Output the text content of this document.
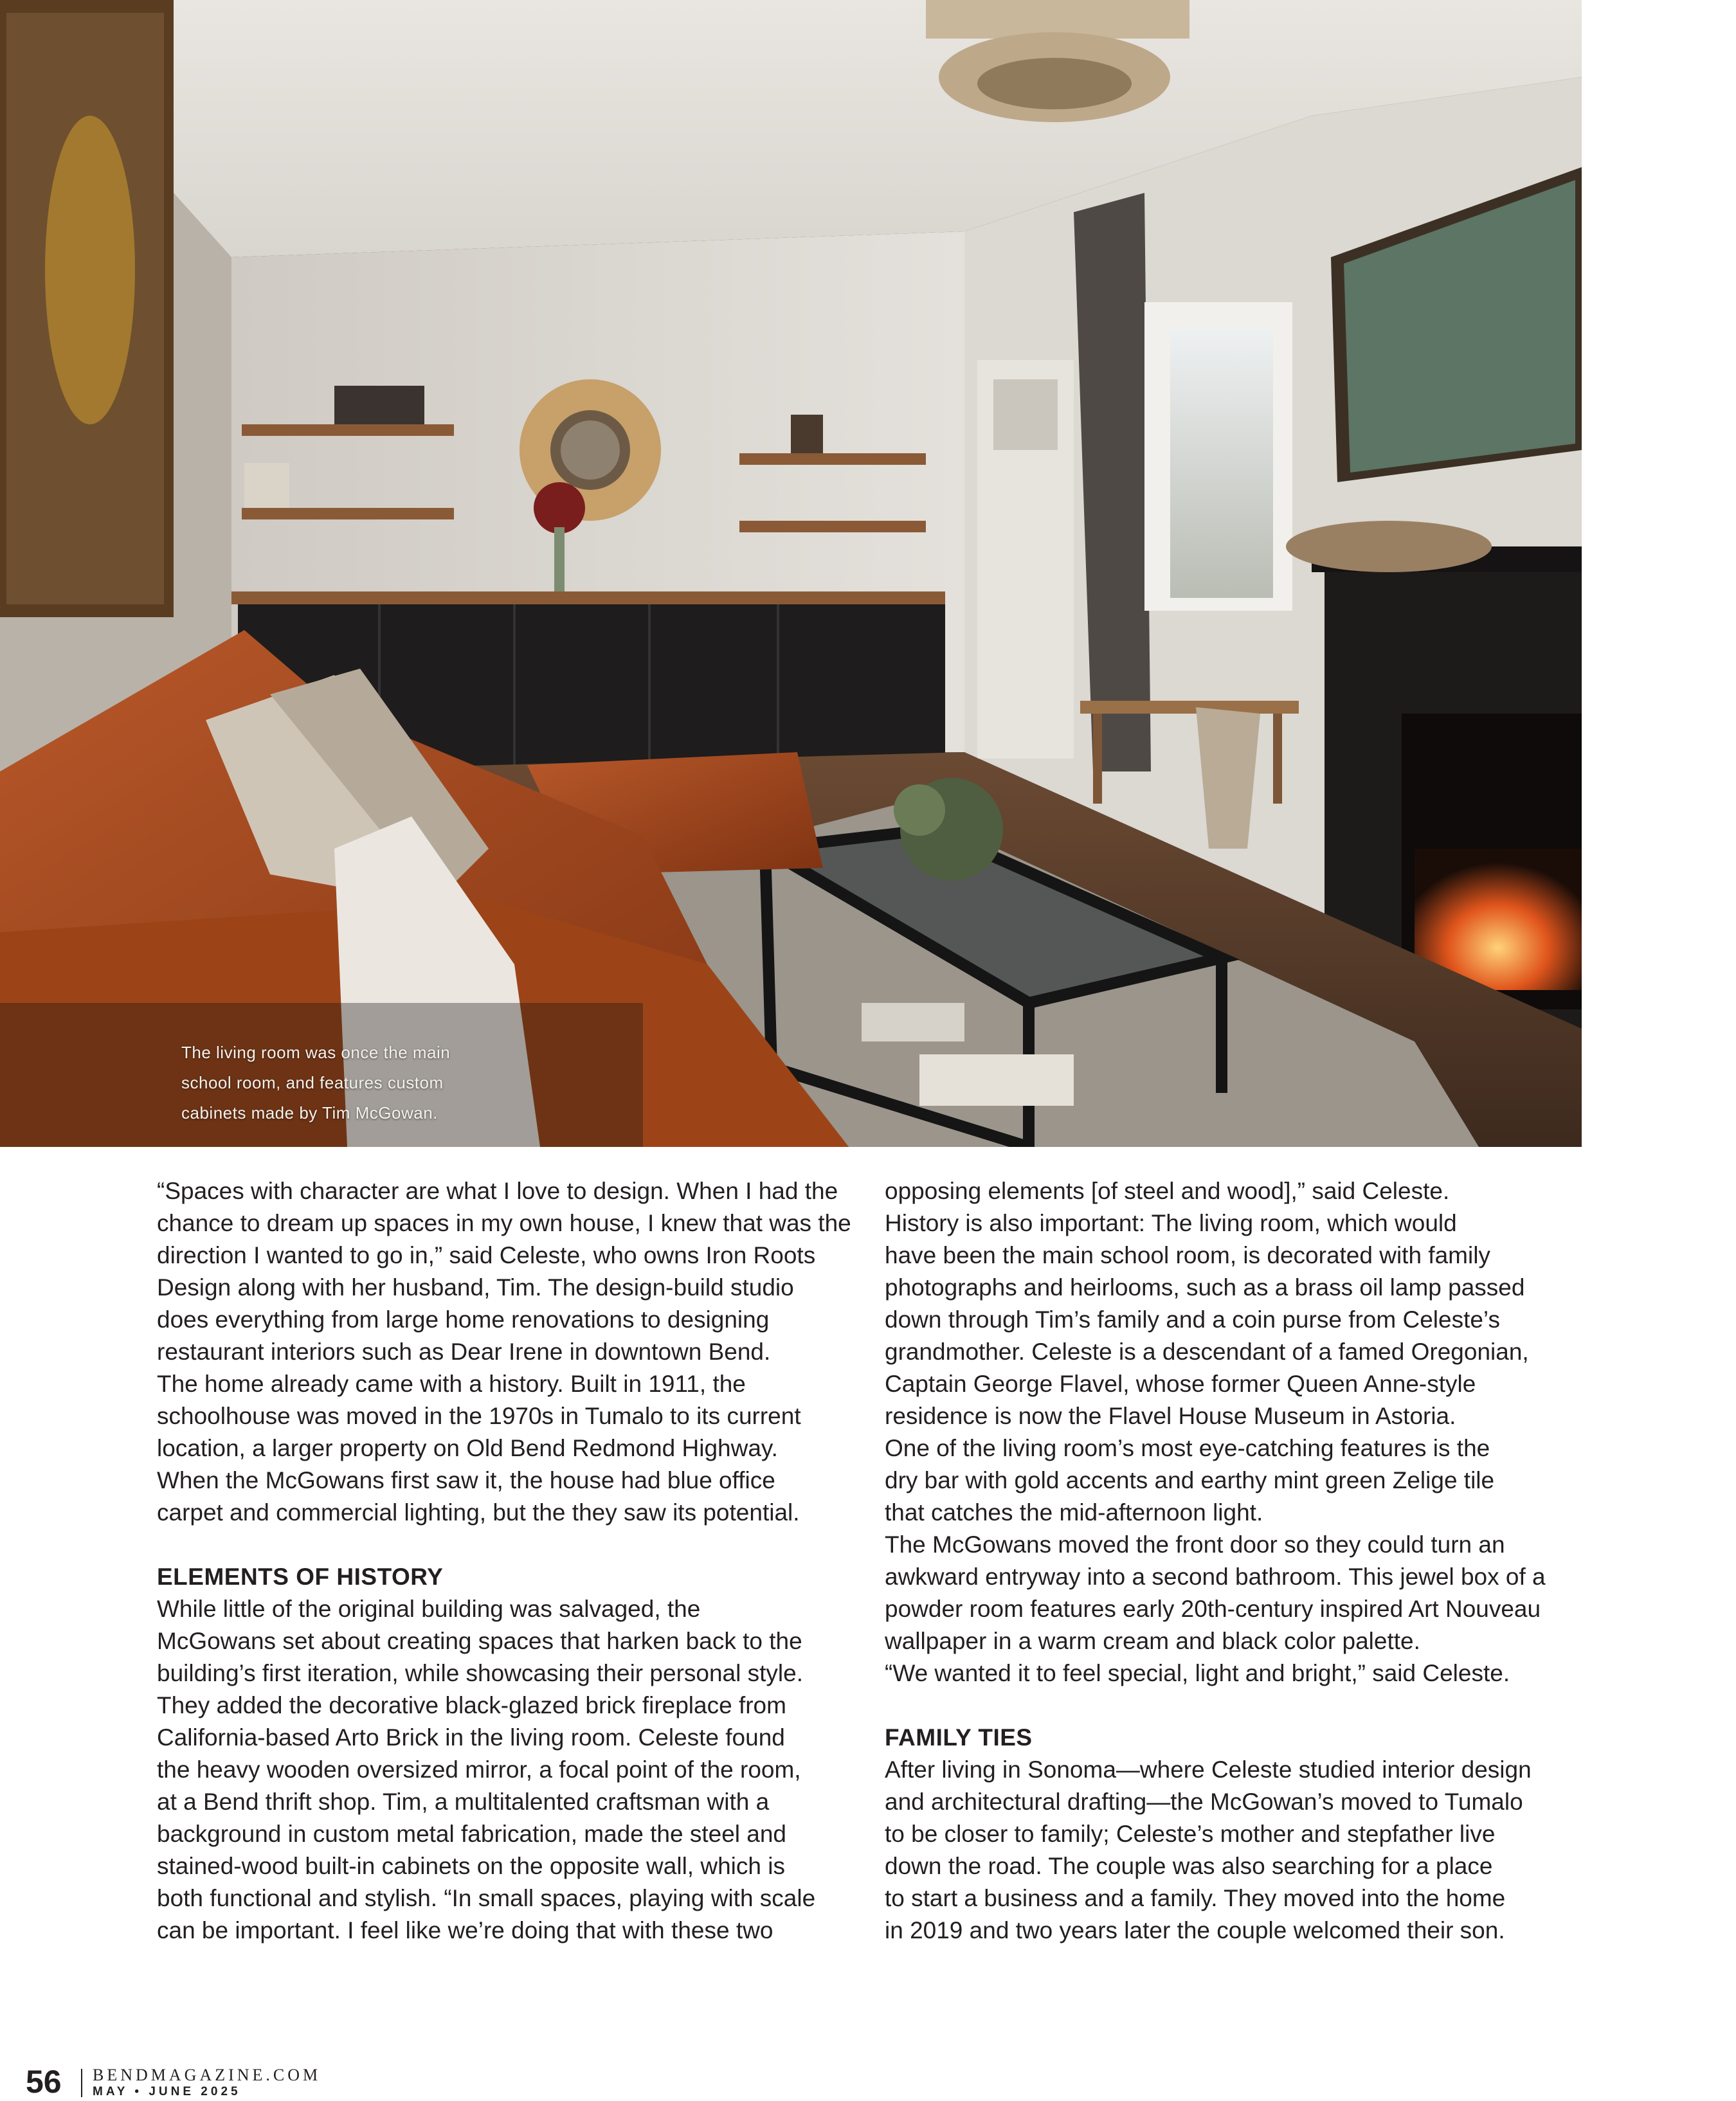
The living room was once the main
school room, and features custom
cabinets made by Tim McGowan.
“Spaces with character are what I love to design. When I had the
chance to dream up spaces in my own house, I knew that was the
direction I wanted to go in,” said Celeste, who owns Iron Roots
Design along with her husband, Tim. The design-build studio
does everything from large home renovations to designing
restaurant interiors such as Dear Irene in downtown Bend.
The home already came with a history. Built in 1911, the
schoolhouse was moved in the 1970s in Tumalo to its current
location, a larger property on Old Bend Redmond Highway.
When the McGowans first saw it, the house had blue office
carpet and commercial lighting, but the they saw its potential.
ELEMENTS OF HISTORY
While little of the original building was salvaged, the
McGowans set about creating spaces that harken back to the
building’s first iteration, while showcasing their personal style.
They added the decorative black-glazed brick fireplace from
California-based Arto Brick in the living room. Celeste found
the heavy wooden oversized mirror, a focal point of the room,
at a Bend thrift shop. Tim, a multitalented craftsman with a
background in custom metal fabrication, made the steel and
stained-wood built-in cabinets on the opposite wall, which is
both functional and stylish. “In small spaces, playing with scale
can be important. I feel like we’re doing that with these two
opposing elements [of steel and wood],” said Celeste.
History is also important: The living room, which would
have been the main school room, is decorated with family
photographs and heirlooms, such as a brass oil lamp passed
down through Tim’s family and a coin purse from Celeste’s
grandmother. Celeste is a descendant of a famed Oregonian,
Captain George Flavel, whose former Queen Anne-style
residence is now the Flavel House Museum in Astoria.
One of the living room’s most eye-catching features is the
dry bar with gold accents and earthy mint green Zelige tile
that catches the mid-afternoon light.
The McGowans moved the front door so they could turn an
awkward entryway into a second bathroom. This jewel box of a
powder room features early 20th-century inspired Art Nouveau
wallpaper in a warm cream and black color palette.
“We wanted it to feel special, light and bright,” said Celeste.
FAMILY TIES
After living in Sonoma—where Celeste studied interior design
and architectural drafting—the McGowan’s moved to Tumalo
to be closer to family; Celeste’s mother and stepfather live
down the road. The couple was also searching for a place
to start a business and a family. They moved into the home
in 2019 and two years later the couple welcomed their son.
56 BENDMAGAZINE.COM
MAY • JUNE 2025
